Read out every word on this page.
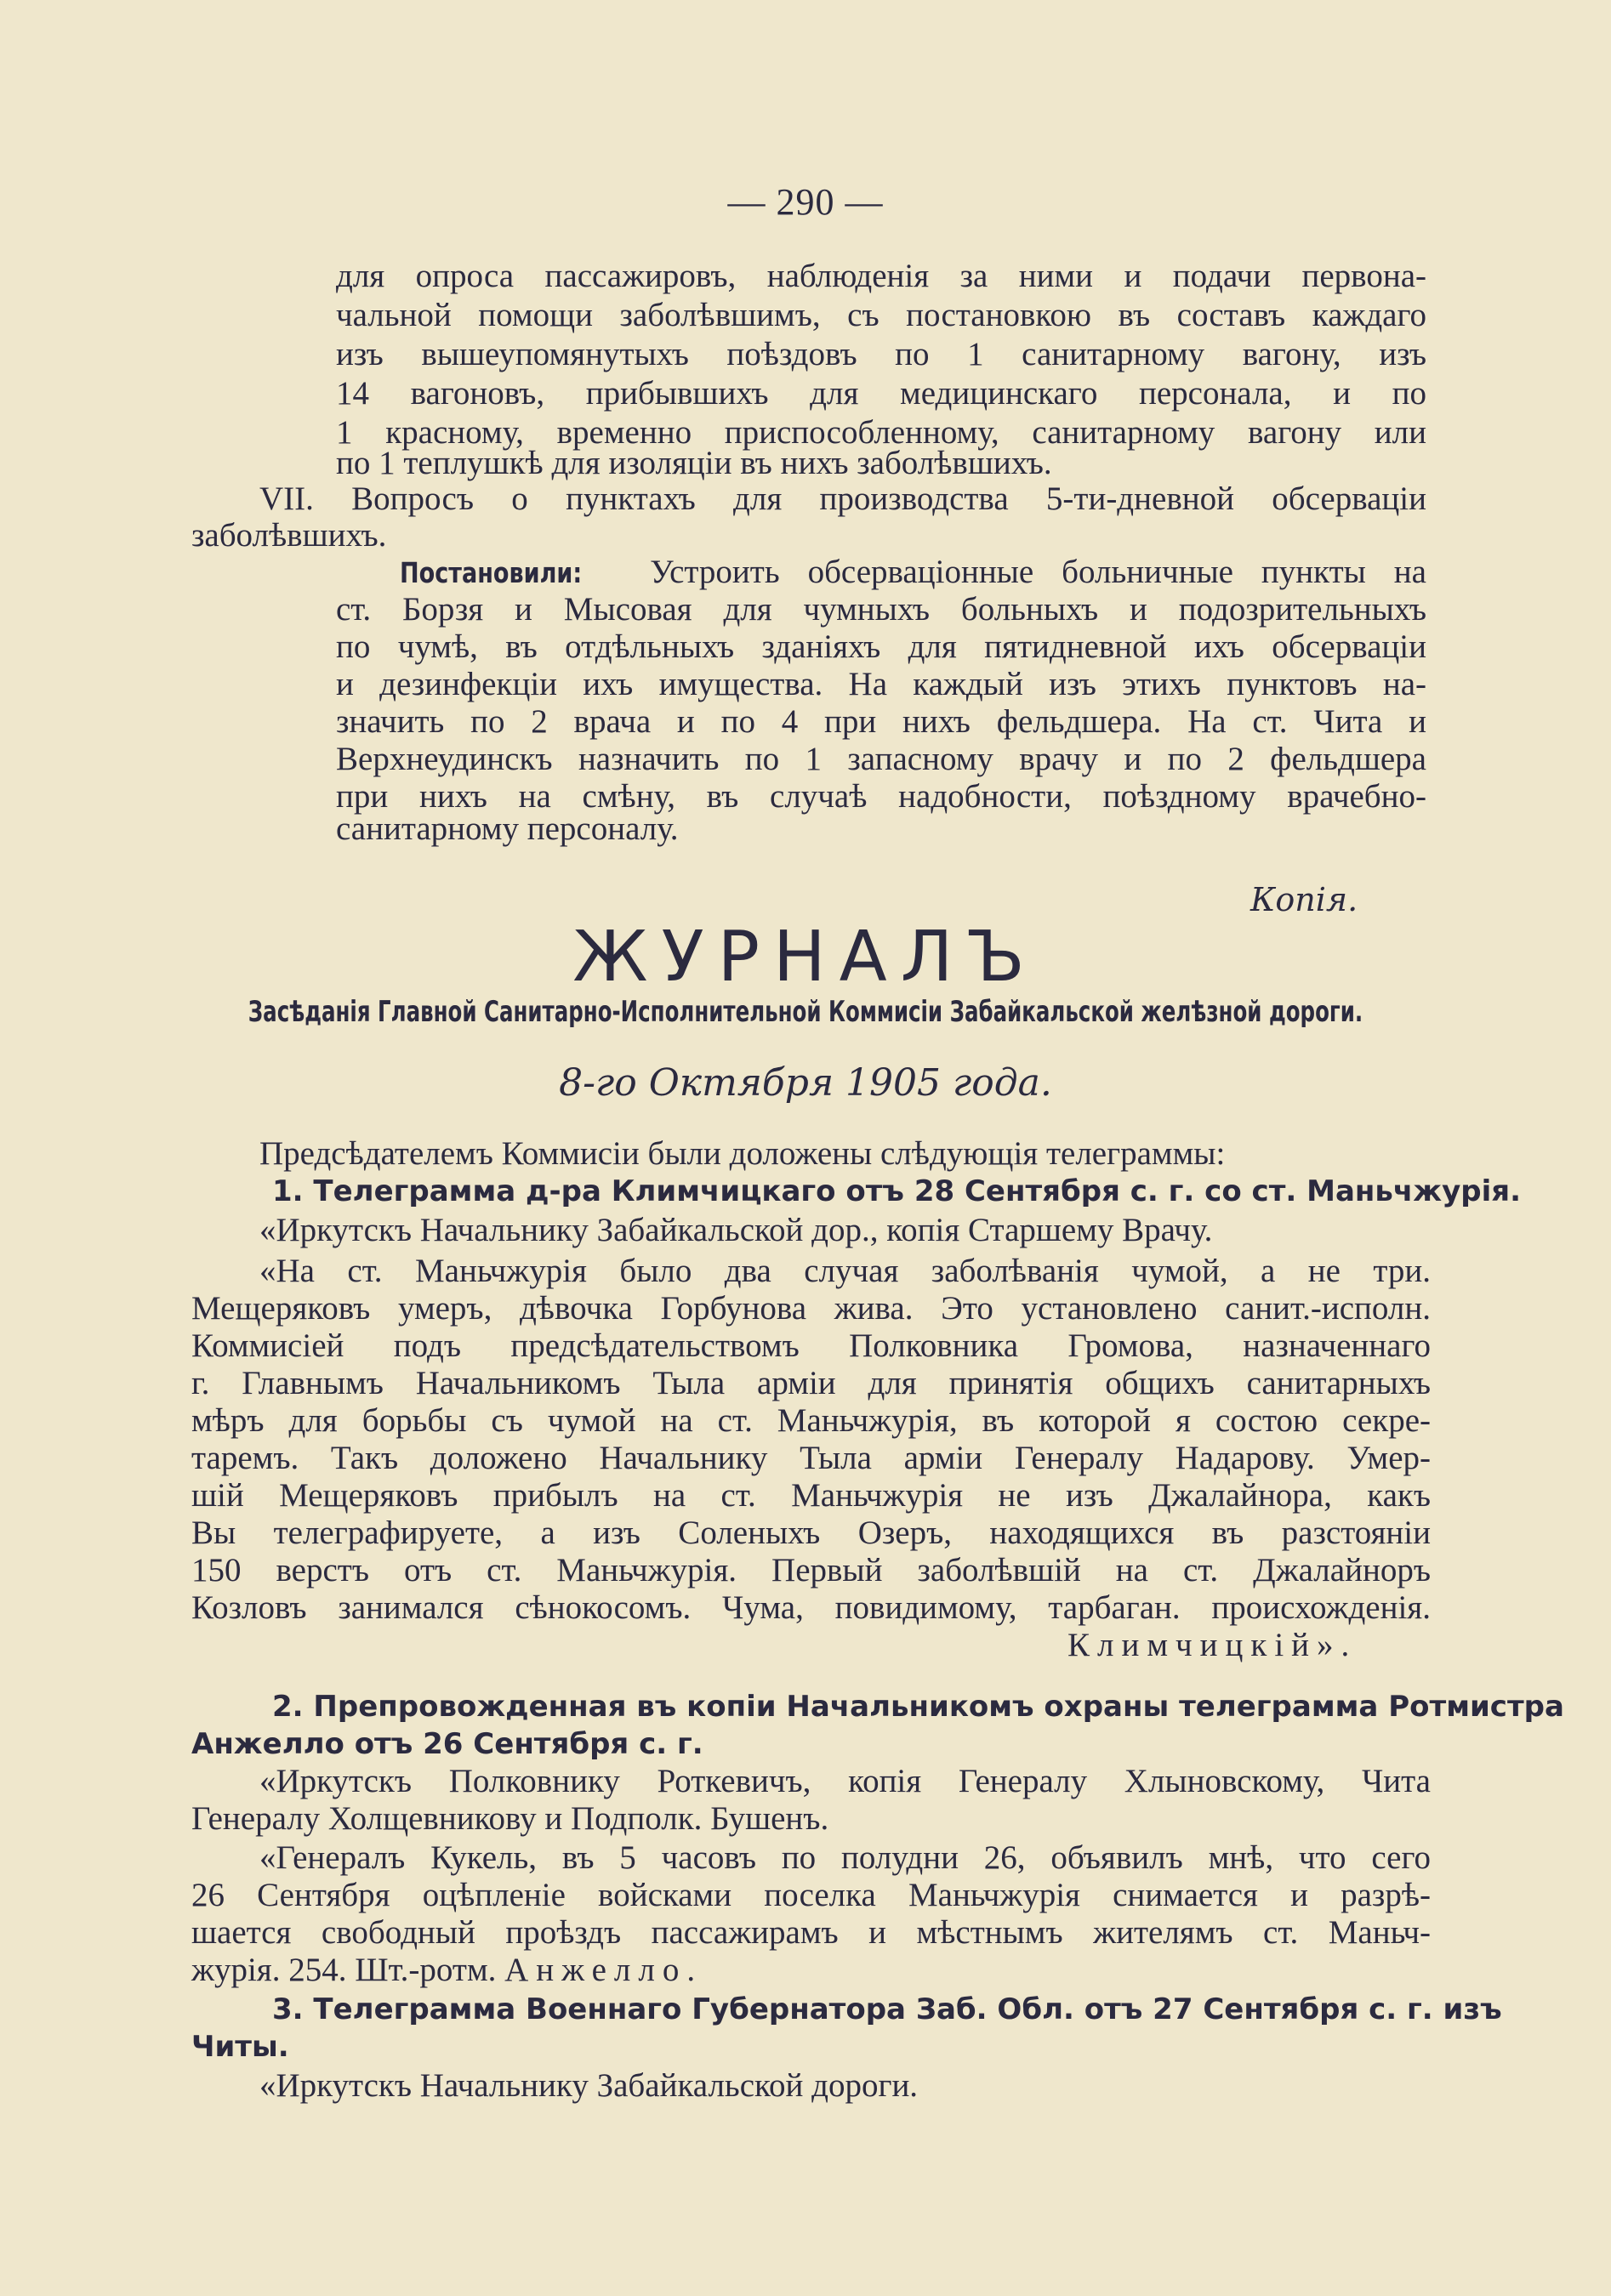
— 290 —
для опроса пассажировъ, наблюденія за ними и подачи первона-
чальной помощи заболѣвшимъ, съ постановкою въ составъ каждаго
изъ вышеупомянутыхъ поѣздовъ по 1 санитарному вагону, изъ
14 вагоновъ, прибывшихъ для медицинскаго персонала, и по
1 красному, временно приспособленному, санитарному вагону или
по 1 теплушкѣ для изоляціи въ нихъ заболѣвшихъ.
VII. Вопросъ о пунктахъ для производства 5-ти-дневной обсерваціи
заболѣвшихъ.
Постановили: Устроить обсерваціонные больничные пункты на
ст. Борзя и Мысовая для чумныхъ больныхъ и подозрительныхъ
по чумѣ, въ отдѣльныхъ зданіяхъ для пятидневной ихъ обсерваціи
и дезинфекціи ихъ имущества. На каждый изъ этихъ пунктовъ на-
значить по 2 врача и по 4 при нихъ фельдшера. На ст. Чита и
Верхнеудинскъ назначить по 1 запасному врачу и по 2 фельдшера
при нихъ на смѣну, въ случаѣ надобности, поѣздному врачебно-
санитарному персоналу.
Копія.
ЖУРНАЛЪ
Засѣданія Главной Санитарно-Исполнительной Коммисіи Забайкальской желѣзной дороги.
8-го Октября 1905 года.
Предсѣдателемъ Коммисіи были доложены слѣдующія телеграммы:
1. Телеграмма д-ра Климчицкаго отъ 28 Сентября с. г. со ст. Маньчжурія.
«Иркутскъ Начальнику Забайкальской дор., копія Старшему Врачу.
«На ст. Маньчжурія было два случая заболѣванія чумой, а не три.
Мещеряковъ умеръ, дѣвочка Горбунова жива. Это установлено санит.-исполн.
Коммисіей подъ предсѣдательствомъ Полковника Громова, назначеннаго
г. Главнымъ Начальникомъ Тыла арміи для принятія общихъ санитарныхъ
мѣръ для борьбы съ чумой на ст. Маньчжурія, въ которой я состою секре-
таремъ. Такъ доложено Начальнику Тыла арміи Генералу Надарову. Умер-
шій Мещеряковъ прибылъ на ст. Маньчжурія не изъ Джалайнора, какъ
Вы телеграфируете, а изъ Соленыхъ Озеръ, находящихся въ разстояніи
150 верстъ отъ ст. Маньчжурія. Первый заболѣвшій на ст. Джалайноръ
Козловъ занимался сѣнокосомъ. Чума, повидимому, тарбаган. происхожденія.
Климчицкій».
2. Препровожденная въ копіи Начальникомъ охраны телеграмма Ротмистра
Анжелло отъ 26 Сентября с. г.
«Иркутскъ Полковнику Роткевичъ, копія Генералу Хлыновскому, Чита
Генералу Холщевникову и Подполк. Бушенъ.
«Генералъ Кукель, въ 5 часовъ по полудни 26, объявилъ мнѣ, что сего
26 Сентября оцѣпленіе войсками поселка Маньчжурія снимается и разрѣ-
шается свободный проѣздъ пассажирамъ и мѣстнымъ жителямъ ст. Маньч-
журія. 254. Шт.-ротм. Анжелло.
3. Телеграмма Военнаго Губернатора Заб. Обл. отъ 27 Сентября с. г. изъ
Читы.
«Иркутскъ Начальнику Забайкальской дороги.
